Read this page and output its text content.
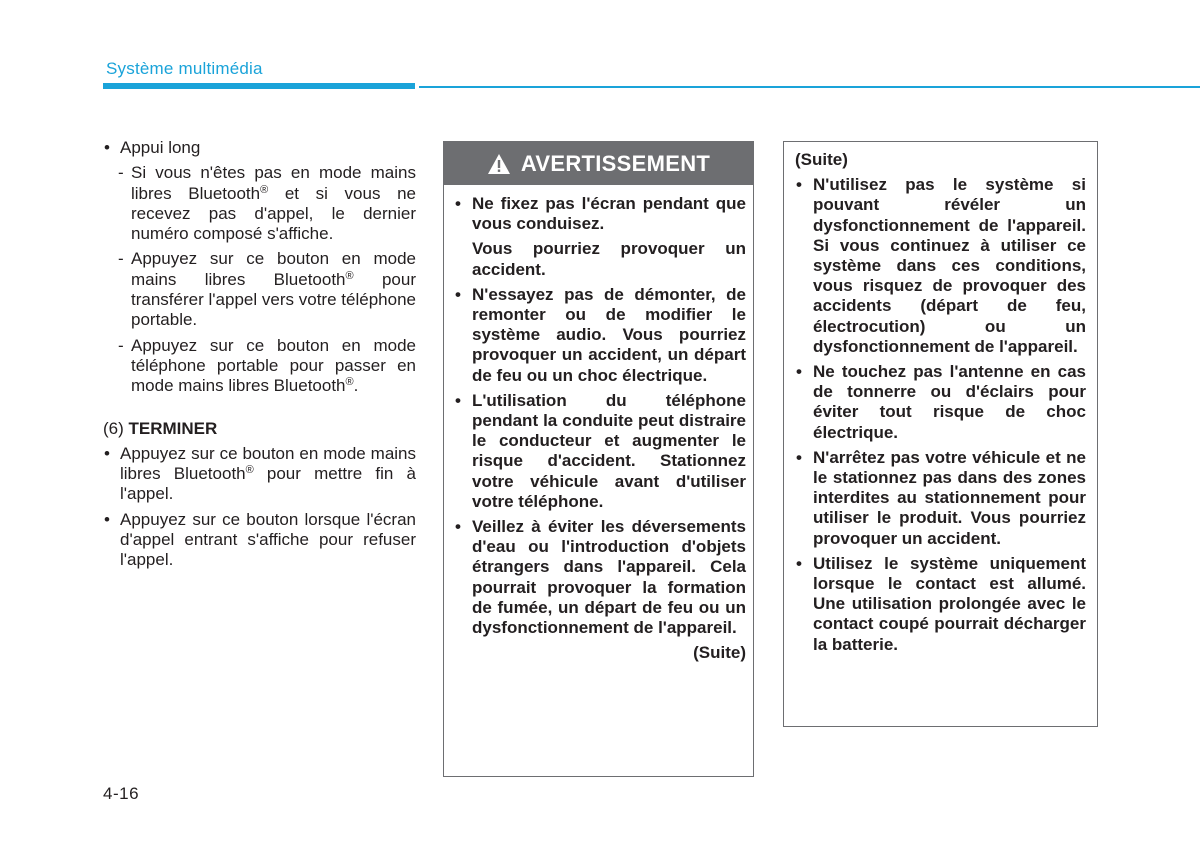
Système multimédia

• Appui long

- Si vous n'êtes pas en mode mains libres Bluetooth® et si vous ne recevez pas d'appel, le dernier numéro composé s'affiche.

- Appuyez sur ce bouton en mode mains libres Bluetooth® pour transférer l'appel vers votre téléphone portable.

- Appuyez sur ce bouton en mode téléphone portable pour passer en mode mains libres Bluetooth®.

(6) TERMINER

• Appuyez sur ce bouton en mode mains libres Bluetooth® pour mettre fin à l'appel.

• Appuyez sur ce bouton lorsque l'écran d'appel entrant s'affiche pour refuser l'appel.

AVERTISSEMENT

• Ne fixez pas l'écran pendant que vous conduisez.

Vous pourriez provoquer un accident.

• N'essayez pas de démonter, de remonter ou de modifier le système audio. Vous pourriez provoquer un accident, un départ de feu ou un choc électrique.

• L'utilisation du téléphone pendant la conduite peut distraire le conducteur et augmenter le risque d'accident. Stationnez votre véhicule avant d'utiliser votre téléphone.

• Veillez à éviter les déversements d'eau ou l'introduction d'objets étrangers dans l'appareil. Cela pourrait provoquer la formation de fumée, un départ de feu ou un dysfonctionnement de l'appareil.

(Suite)

(Suite)

• N'utilisez pas le système si pouvant révéler un dysfonctionnement de l'appareil. Si vous continuez à utiliser ce système dans ces conditions, vous risquez de provoquer des accidents (départ de feu, électrocution) ou un dysfonctionnement de l'appareil.

• Ne touchez pas l'antenne en cas de tonnerre ou d'éclairs pour éviter tout risque de choc électrique.

• N'arrêtez pas votre véhicule et ne le stationnez pas dans des zones interdites au stationnement pour utiliser le produit. Vous pourriez provoquer un accident.

• Utilisez le système uniquement lorsque le contact est allumé. Une utilisation prolongée avec le contact coupé pourrait décharger la batterie.

4-16
